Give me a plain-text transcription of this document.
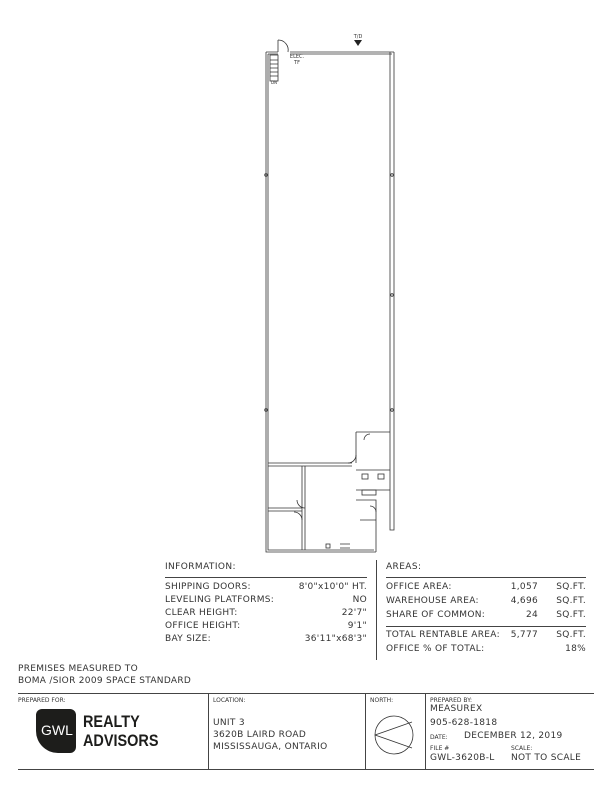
T/D
ELEC.
TF
DN
INFORMATION:
SHIPPING DOORS:	8'0"x10'0" HT.
LEVELING PLATFORMS:	NO
CLEAR HEIGHT:	22'7"
OFFICE HEIGHT:	9'1"
BAY SIZE:	36'11"x68'3"
AREAS:
OFFICE AREA:	1,057 SQ.FT.
WAREHOUSE AREA:	4,696 SQ.FT.
SHARE OF COMMON:	24 SQ.FT.
TOTAL RENTABLE AREA: 5,777 SQ.FT.
OFFICE % OF TOTAL:	18%
PREMISES MEASURED TO
BOMA /SIOR 2009 SPACE STANDARD
PREPARED FOR:
GWL REALTY
ADVISORS
LOCATION:
UNIT 3
3620B LAIRD ROAD
MISSISSAUGA, ONTARIO
NORTH:	PREPARED BY:
MEASUREX
905-628-1818
DATE: DECEMBER 12, 2019
FILE #	SCALE:
GWL-3620B-L NOT TO SCALE
